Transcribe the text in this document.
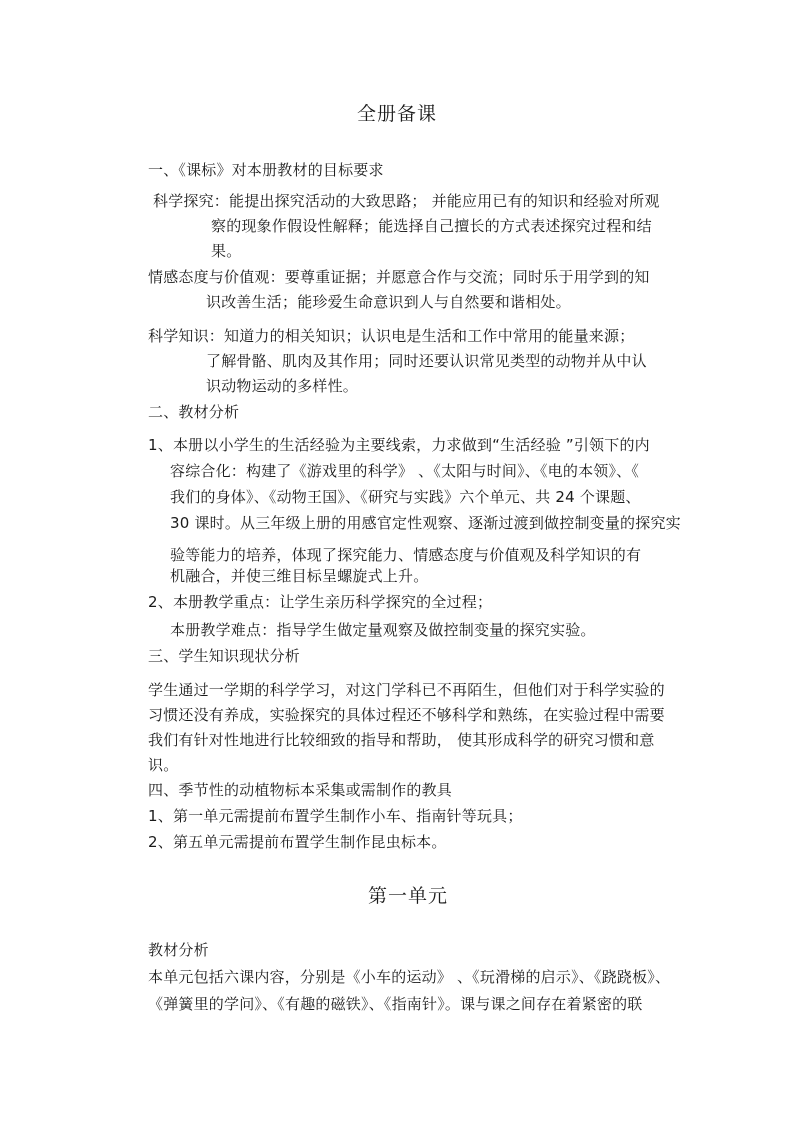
全册备课
一、《课标》对本册教材的目标要求
科学探究：能提出探究活动的大致思路； 并能应用已有的知识和经验对所观
察的现象作假设性解释；能选择自己擅长的方式表述探究过程和结
果。
情感态度与价值观：要尊重证据；并愿意合作与交流；同时乐于用学到的知
识改善生活；能珍爱生命意识到人与自然要和谐相处。
科学知识：知道力的相关知识；认识电是生活和工作中常用的能量来源；
了解骨骼、肌肉及其作用；同时还要认识常见类型的动物并从中认
识动物运动的多样性。
二、教材分析
1、本册以小学生的生活经验为主要线索，力求做到“生活经验 ”引领下的内
容综合化：构建了《游戏里的科学》 、《太阳与时间》、《电的本领》、《
我们的身体》、《动物王国》、《研究与实践》六个单元、共 24 个课题、
30 课时。从三年级上册的用感官定性观察、逐渐过渡到做控制变量的探究实
验等能力的培养，体现了探究能力、情感态度与价值观及科学知识的有
机融合，并使三维目标呈螺旋式上升。
2、本册教学重点：让学生亲历科学探究的全过程；
本册教学难点：指导学生做定量观察及做控制变量的探究实验。
三、学生知识现状分析
学生通过一学期的科学学习，对这门学科已不再陌生，但他们对于科学实验的
习惯还没有养成，实验探究的具体过程还不够科学和熟练，在实验过程中需要
我们有针对性地进行比较细致的指导和帮助， 使其形成科学的研究习惯和意
识。
四、季节性的动植物标本采集或需制作的教具
1、第一单元需提前布置学生制作小车、指南针等玩具；
2、第五单元需提前布置学生制作昆虫标本。
第一单元
教材分析
本单元包括六课内容，分别是《小车的运动》 、《玩滑梯的启示》、《跷跷板》、
《弹簧里的学问》、《有趣的磁铁》、《指南针》。课与课之间存在着紧密的联
